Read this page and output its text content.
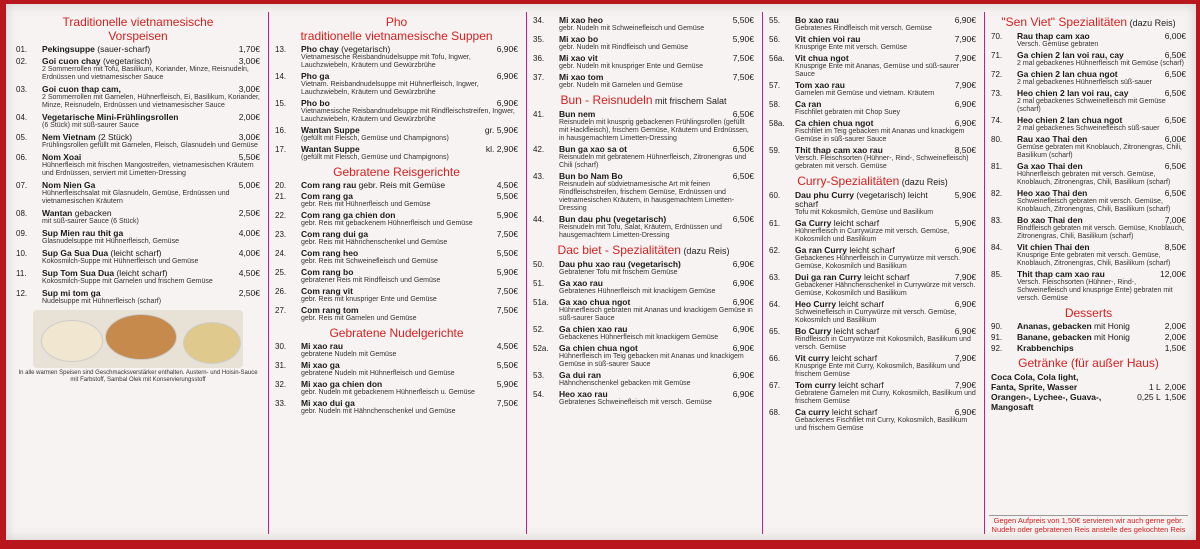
Traditionelle vietnamesische
Vorspeisen
01.	Pekingsuppe (sauer-scharf)	1,70€
02.	Goi cuon chay (vegetarisch)	3,00€
2 Sommerrollen mit Tofu, Basilikum, Koriander, Minze, Reisnudeln, Erdnüssen und vietnamesischer Sauce
03.	Goi cuon thap cam,	3,00€
2 Sommerrollen mit Garnelen, Hühnerfleisch, Ei, Basilikum, Koriander, Minze, Reisnudeln, Erdnüssen und vietnamesischer Sauce
04.	Vegetarische Mini-Frühlingsrollen	2,00€
(6 Stück) mit süß-saurer Sauce
05.	Nem Vietnam (2 Stück)	3,00€
Frühlingsrollen gefüllt mit Garnelen, Fleisch, Glasnudeln und Gemüse
06.	Nom Xoai	5,50€
Hühnerfleisch mit frischen Mangostreifen, vietnamesischen Kräutern und Erdnüssen, serviert mit Limetten-Dressing
07.	Nom Nien Ga	5,00€
Hühnerfleischsalat mit Glasnudeln, Gemüse, Erdnüssen und vietnamesischen Kräutern
08.	Wantan gebacken	2,50€
mit süß-saurer Sauce (6 Stück)
09.	Sup Mien rau thit ga	4,00€
Glasnudelsuppe mit Hühnerfleisch, Gemüse
10.	Sup Ga Sua Dua (leicht scharf)	4,00€
Kokosmilch-Suppe mit Hühnerfleisch und Gemüse
11.	Sup Tom Sua Dua (leicht scharf)	4,50€
Kokosmilch-Suppe mit Garnelen und frischem Gemüse
12.	Sup mi tom ga	2,50€
Nudelsuppe mit Hühnerfleisch (scharf)
In alle warmen Speisen sind Geschmacksverstärker enthalten. Austern- und Hoisin-Sauce mit Farbstoff, Sambal Olek mit Konservierungsstoff
Pho
traditionelle vietnamesische Suppen
13.	Pho chay (vegetarisch)	6,90€
Vietnamesische Reisbandnudelsuppe mit Tofu, Ingwer, Lauchzwiebeln, Kräutern und Gewürzbrühe
14.	Pho ga	6,90€
Vietnam. Reisbandnudelsuppe mit Hühnerfleisch, Ingwer, Lauchzwiebeln, Kräutern und Gewürzbrühe
15.	Pho bo	6,90€
Vietnamesische Reisbandnudelsuppe mit Rindfleischstreifen, Ingwer, Lauchzwiebeln, Kräutern und Gewürzbrühe
16.	Wantan Suppe	gr. 5,90€
(gefüllt mit Fleisch, Gemüse und Champignons)
17.	Wantan Suppe	kl. 2,90€
(gefüllt mit Fleisch, Gemüse und Champignons)
Gebratene Reisgerichte
20.	Com rang rau gebr. Reis mit Gemüse	4,50€
21.	Com rang ga	5,50€
gebr. Reis mit Hühnerfleisch und Gemüse
22.	Com rang ga chien don	5,90€
gebr. Reis mit gebackenem Hühnerfleisch und Gemüse
23.	Com rang dui ga	7,50€
gebr. Reis mit Hähnchenschenkel und Gemüse
24.	Com rang heo	5,50€
gebr. Reis mit Schweinefleisch und Gemüse
25.	Com rang bo	5,90€
gebratener Reis mit Rindfleisch und Gemüse
26.	Com rang vit	7,50€
gebr. Reis mit knuspriger Ente und Gemüse
27.	Com rang tom	7,50€
gebr. Reis mit Garnelen und Gemüse
Gebratene Nudelgerichte
30.	Mi xao rau	4,50€
gebratene Nudeln mit Gemüse
31.	Mi xao ga	5,50€
gebratene Nudeln mit Hühnerfleisch und Gemüse
32.	Mi xao ga chien don	5,90€
gebr. Nudeln mit gebackenem Hühnerfleisch u. Gemüse
33.	Mi xao dui ga	7,50€
gebr. Nudeln mit Hähnchenschenkel und Gemüse
34.	Mi xao heo	5,50€
gebr. Nudeln mit Schweinefleisch und Gemüse
35.	Mi xao bo	5,90€
gebr. Nudeln mit Rindfleisch und Gemüse
36.	Mi xao vit	7,50€
gebr. Nudeln mit knuspriger Ente und Gemüse
37.	Mi xao tom	7,50€
gebr. Nudeln mit Garnelen und Gemüse
Bun - Reisnudeln mit frischem Salat
41.	Bun nem	6,50€
Reisnudeln mit knusprig gebackenen Frühlingsrollen (gefüllt mit Hackfleisch), frischem Gemüse, Kräutern und Erdnüssen, in hausgemachtem Limetten-Dressing
42.	Bun ga xao sa ot	6,50€
Reisnudeln mit gebratenem Hühnerfleisch, Zitronengras und Chili (scharf)
43.	Bun bo Nam Bo	6,50€
Reisnudeln auf südvietnamesische Art mit feinen Rindfleischstreifen, frischem Gemüse, Erdnüssen und vietnamesischen Kräutern, in hausgemachtem Limetten-Dressing
44.	Bun dau phu (vegetarisch)	6,50€
Reisnudeln mit Tofu, Salat, Kräutern, Erdnüssen und hausgemachtem Limetten-Dressing
Dac biet - Spezialitäten (dazu Reis)
50.	Dau phu xao rau (vegetarisch)	6,90€
Gebratener Tofu mit frischem Gemüse
51.	Ga xao rau	6,90€
Gebratenes Hühnerfleisch mit knackigem Gemüse
51a.	Ga xao chua ngot	6,90€
Hühnerfleisch gebraten mit Ananas und knackigem Gemüse in süß-saurer Sauce
52.	Ga chien xao rau	6,90€
Gebackenes Hühnerfleisch mit knackigem Gemüse
52a.	Ga chien chua ngot	6,90€
Hühnerfleisch im Teig gebacken mit Ananas und knackigem Gemüse in süß-saurer Sauce
53.	Ga dui ran	6,90€
Hähnchenschenkel gebacken mit Gemüse
54.	Heo xao rau	6,90€
Gebratenes Schweinefleisch mit versch. Gemüse
55.	Bo xao rau	6,90€
Gebratenes Rindfleisch mit versch. Gemüse
56.	Vit chien voi rau	7,90€
Knusprige Ente mit versch. Gemüse
56a.	Vit chua ngot	7,90€
Knusprige Ente mit Ananas, Gemüse und süß-saurer Sauce
57.	Tom xao rau	7,90€
Garnelen mit Gemüse und vietnam. Kräutern
58.	Ca ran	6,90€
Fischfilet gebraten mit Chop Suey
58a.	Ca chien chua ngot	6,90€
Fischfilet im Teig gebacken mit Ananas und knackigem Gemüse in süß-saurer Sauce
59.	Thit thap cam xao rau	8,50€
Versch. Fleischsorten (Hühner-, Rind-, Schweinefleisch) gebraten mit versch. Gemüse
Curry-Spezialitäten (dazu Reis)
60.	Dau phu Curry (vegetarisch) leicht scharf
5,90€
Tofu mit Kokosmilch, Gemüse und Basilikum
61.	Ga Curry leicht scharf	5,90€
Hühnerfleisch in Currywürze mit versch. Gemüse, Kokosmilch und Basilikum
62.	Ga ran Curry leicht scharf	6,90€
Gebackenes Hühnerfleisch in Currywürze mit versch. Gemüse, Kokosmilch und Basilikum
63.	Dui ga ran Curry leicht scharf	7,90€
Gebackener Hähnchenschenkel in Currywürze mit versch. Gemüse, Kokosmilch und Basilikum
64.	Heo Curry leicht scharf	6,90€
Schweinefleisch in Currywürze mit versch. Gemüse, Kokosmilch und Basilikum
65.	Bo Curry leicht scharf	6,90€
Rindfleisch in Currywürze mit Kokosmilch, Basilikum und versch. Gemüse
66.	Vit curry leicht scharf	7,90€
Knusprige Ente mit Curry, Kokosmilch, Basilikum und frischem Gemüse
67.	Tom curry leicht scharf	7,90€
Gebratene Garnelen mit Curry, Kokosmilch, Basilikum und frischem Gemüse
68.	Ca curry leicht scharf	6,90€
Gebackenes Fischfilet mit Curry, Kokosmilch, Basilikum und frischem Gemüse
"Sen Viet" Spezialitäten (dazu Reis)
70.	Rau thap cam xao	6,00€
Versch. Gemüse gebraten
71.	Ga chien 2 lan voi rau, cay	6,50€
2 mal gebackenes Hühnerfleisch mit Gemüse (scharf)
72.	Ga chien 2 lan chua ngot	6,50€
2 mal gebackenes Hühnerfleisch süß-sauer
73.	Heo chien 2 lan voi rau, cay	6,50€
2 mal gebackenes Schweinefleisch mit Gemüse (scharf)
74.	Heo chien 2 lan chua ngot	6,50€
2 mal gebackenes Schweinefleisch süß-sauer
80.	Rau xao Thai den	6,00€
Gemüse gebraten mit Knoblauch, Zitronengras, Chili, Basilikum (scharf)
81.	Ga xao Thai den	6,50€
Hühnerfleisch gebraten mit versch. Gemüse, Knoblauch, Zitronengras, Chili, Basilikum (scharf)
82.	Heo xao Thai den	6,50€
Schweinefleisch gebraten mit versch. Gemüse, Knoblauch, Zitronengras, Chili, Basilikum (scharf)
83.	Bo xao Thai den	7,00€
Rindfleisch gebraten mit versch. Gemüse, Knoblauch, Zitronengras, Chili, Basilikum (scharf)
84.	Vit chien Thai den	8,50€
Knusprige Ente gebraten mit versch. Gemüse, Knoblauch, Zitronengras, Chili, Basilikum (scharf)
85.	Thit thap cam xao rau	12,00€
Versch. Fleischsorten (Hühner-, Rind-, Schweinefleisch und knusprige Ente) gebraten mit versch. Gemüse
Desserts
90.	Ananas, gebacken mit Honig	2,00€
91.	Banane, gebacken mit Honig	2,00€
92.	Krabbenchips	1,50€
Getränke (für außer Haus)
Coca Cola, Cola light,
Fanta, Sprite, Wasser	1 L 2,00€
Orangen-, Lychee-, Guava-, Mangosaft
0,25 L 1,50€
Gegen Aufpreis von 1,50€ servieren wir auch gerne gebr. Nudeln oder gebratenen Reis anstelle des gekochten Reis
